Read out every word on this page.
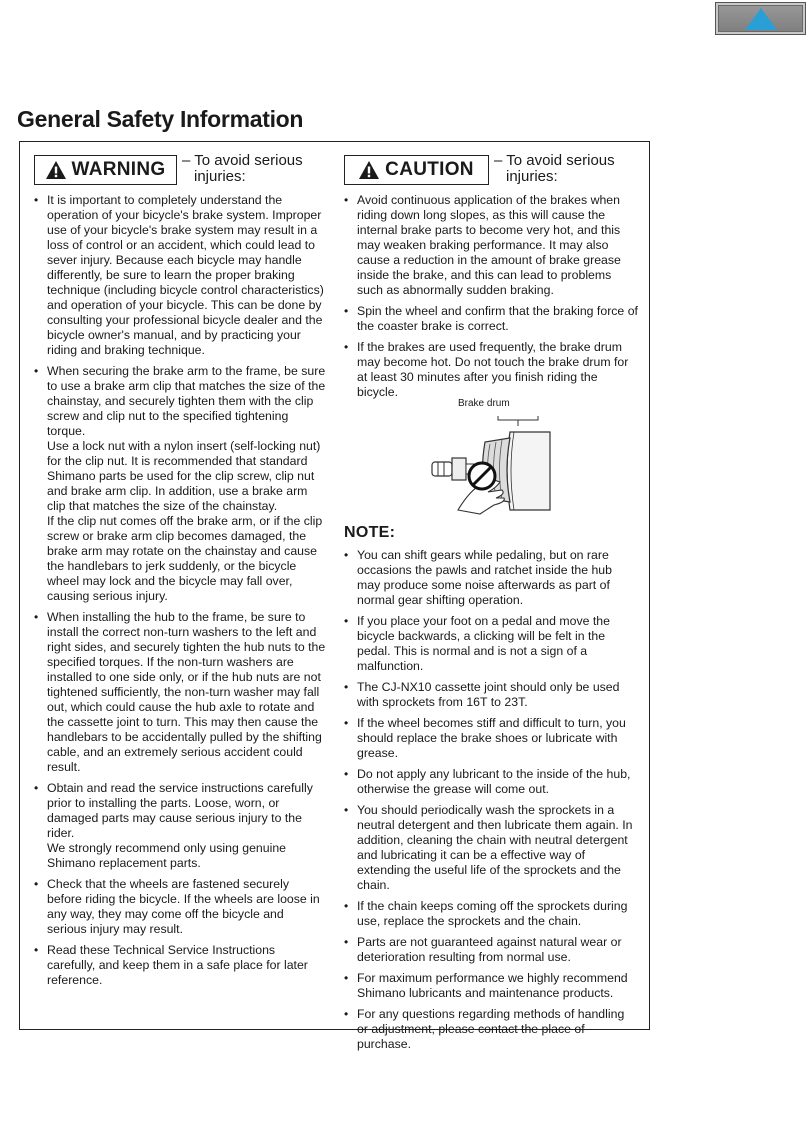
General Safety Information
WARNING – To avoid serious injuries:
• It is important to completely understand the operation of your bicycle's brake system. Improper use of your bicycle's brake system may result in a loss of control or an accident, which could lead to sever injury. Because each bicycle may handle differently, be sure to learn the proper braking technique (including bicycle control characteristics) and operation of your bicycle. This can be done by consulting your professional bicycle dealer and the bicycle owner's manual, and by practicing your riding and braking technique.
• When securing the brake arm to the frame, be sure to use a brake arm clip that matches the size of the chainstay, and securely tighten them with the clip screw and clip nut to the specified tightening torque.
Use a lock nut with a nylon insert (self-locking nut) for the clip nut. It is recommended that standard Shimano parts be used for the clip screw, clip nut and brake arm clip. In addition, use a brake arm clip that matches the size of the chainstay.
If the clip nut comes off the brake arm, or if the clip screw or brake arm clip becomes damaged, the brake arm may rotate on the chainstay and cause the handlebars to jerk suddenly, or the bicycle wheel may lock and the bicycle may fall over, causing serious injury.
• When installing the hub to the frame, be sure to install the correct non-turn washers to the left and right sides, and securely tighten the hub nuts to the specified torques. If the non-turn washers are installed to one side only, or if the hub nuts are not tightened sufficiently, the non-turn washer may fall out, which could cause the hub axle to rotate and the cassette joint to turn. This may then cause the handlebars to be accidentally pulled by the shifting cable, and an extremely serious accident could result.
• Obtain and read the service instructions carefully prior to installing the parts. Loose, worn, or damaged parts may cause serious injury to the rider.
We strongly recommend only using genuine Shimano replacement parts.
• Check that the wheels are fastened securely before riding the bicycle. If the wheels are loose in any way, they may come off the bicycle and serious injury may result.
• Read these Technical Service Instructions carefully, and keep them in a safe place for later reference.
CAUTION – To avoid serious injuries:
• Avoid continuous application of the brakes when riding down long slopes, as this will cause the internal brake parts to become very hot, and this may weaken braking performance. It may also cause a reduction in the amount of brake grease inside the brake, and this can lead to problems such as abnormally sudden braking.
• Spin the wheel and confirm that the braking force of the coaster brake is correct.
• If the brakes are used frequently, the brake drum may become hot. Do not touch the brake drum for at least 30 minutes after you finish riding the bicycle.
Brake drum
NOTE:
• You can shift gears while pedaling, but on rare occasions the pawls and ratchet inside the hub may produce some noise afterwards as part of normal gear shifting operation.
• If you place your foot on a pedal and move the bicycle backwards, a clicking will be felt in the pedal. This is normal and is not a sign of a malfunction.
• The CJ-NX10 cassette joint should only be used with sprockets from 16T to 23T.
• If the wheel becomes stiff and difficult to turn, you should replace the brake shoes or lubricate with grease.
• Do not apply any lubricant to the inside of the hub, otherwise the grease will come out.
• You should periodically wash the sprockets in a neutral detergent and then lubricate them again. In addition, cleaning the chain with neutral detergent and lubricating it can be a effective way of extending the useful life of the sprockets and the chain.
• If the chain keeps coming off the sprockets during use, replace the sprockets and the chain.
• Parts are not guaranteed against natural wear or deterioration resulting from normal use.
• For maximum performance we highly recommend Shimano lubricants and maintenance products.
• For any questions regarding methods of handling or adjustment, please contact the place of purchase.
